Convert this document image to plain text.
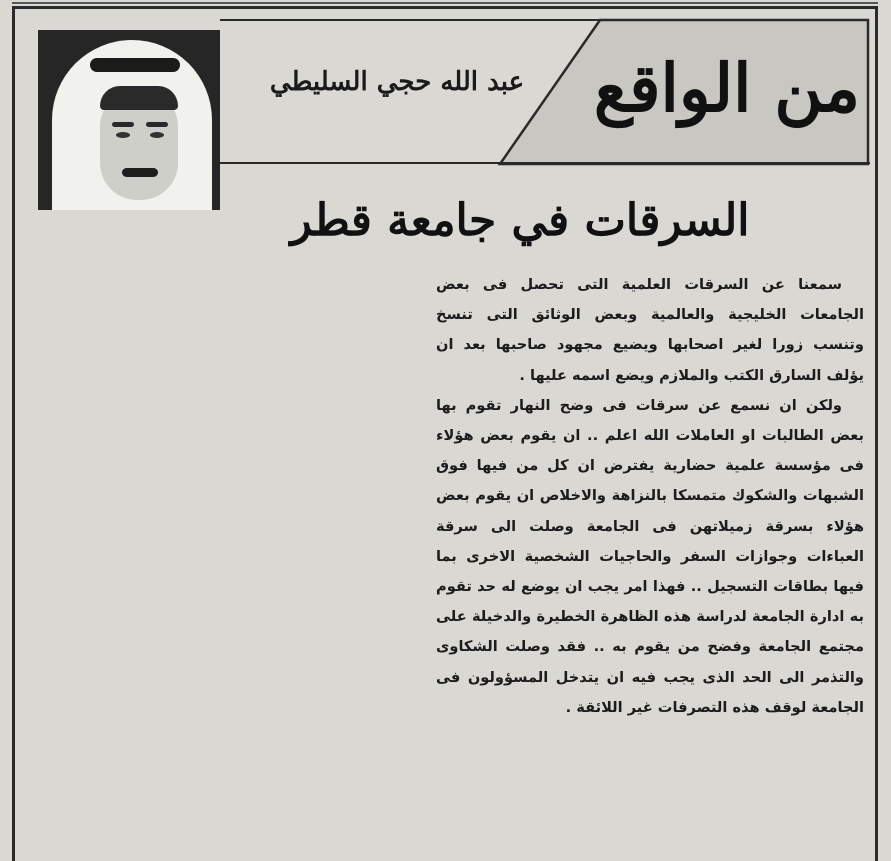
من الواقع
عبد الله حجي السليطي
السرقات في جامعة قطر

سمعنا عن السرقات العلمية التى تحصل فى بعض الجامعات الخليجية والعالمية وبعض الوثائق التى تنسخ وتنسب زورا لغير اصحابها ويضيع مجهود صاحبها بعد ان يؤلف السارق الكتب والملازم ويضع اسمه عليها .

ولكن ان نسمع عن سرقات فى وضح النهار تقوم بها بعض الطالبات او العاملات الله اعلم .. ان يقوم بعض هؤلاء فى مؤسسة علمية حضارية يفترض ان كل من فيها فوق الشبهات والشكوك متمسكا بالنزاهة والاخلاص ان يقوم بعض هؤلاء بسرقة زميلاتهن فى الجامعة وصلت الى سرقة العباءات وجوازات السفر والحاجيات الشخصية الاخرى بما فيها بطاقات التسجيل .. فهذا امر يجب ان يوضع له حد تقوم به ادارة الجامعة لدراسة هذه الظاهرة الخطيرة والدخيلة على مجتمع الجامعة وفضح من يقوم به .. فقد وصلت الشكاوى والتذمر الى الحد الذى يجب فيه ان يتدخل المسؤولون فى الجامعة لوقف هذه التصرفات غير اللائقة .
